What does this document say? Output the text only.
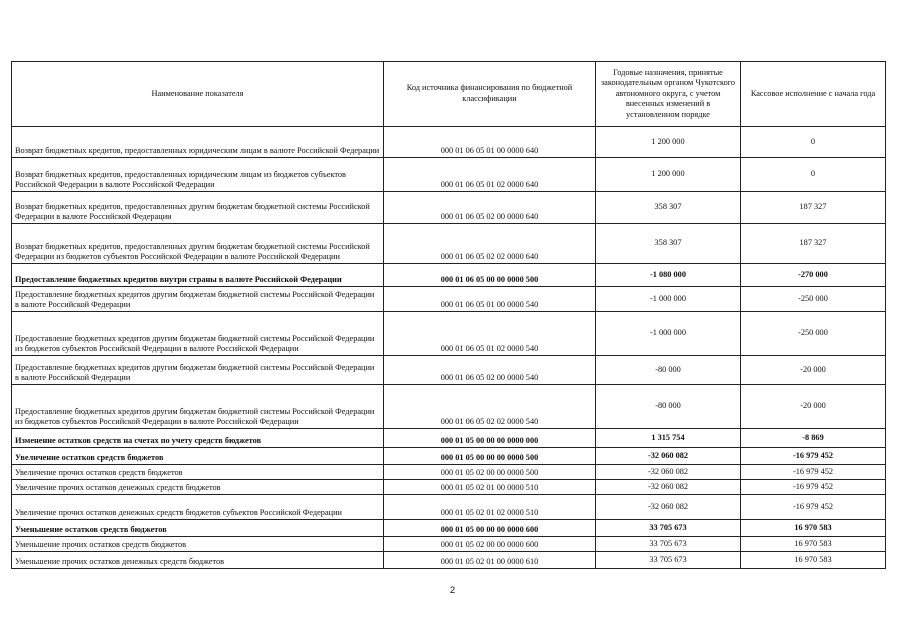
Наименование показателя	Код источника финансирования по бюджетной классификации	Годовые назначения, принятые законодательным органом Чукотского автономного округа, с учетом внесенных изменений в установленном порядке	Кассовое исполнение с начала года
Возврат бюджетных кредитов, предоставленных юридическим лицам в валюте Российской Федерации	000 01 06 05 01 00 0000 640	1 200 000	0
Возврат бюджетных кредитов, предоставленных юридическим лицам из бюджетов субъектов Российской Федерации в валюте Российской Федерации	000 01 06 05 01 02 0000 640	1 200 000	0
Возврат бюджетных кредитов, предоставленных другим бюджетам бюджетной системы Российской Федерации в валюте Российской Федерации	000 01 06 05 02 00 0000 640	358 307	187 327
Возврат бюджетных кредитов, предоставленных другим бюджетам бюджетной системы Российской Федерации из бюджетов субъектов Российской Федерации в валюте Российской Федерации	000 01 06 05 02 02 0000 640	358 307	187 327
Предоставление бюджетных кредитов внутри страны в валюте Российской Федерации	000 01 06 05 00 00 0000 500	-1 080 000	-270 000
Предоставление бюджетных кредитов другим бюджетам бюджетной системы Российской Федерации в валюте Российской Федерации	000 01 06 05 01 00 0000 540	-1 000 000	-250 000
Предоставление бюджетных кредитов другим бюджетам бюджетной системы Российской Федерации из бюджетов субъектов Российской Федерации в валюте Российской Федерации	000 01 06 05 01 02 0000 540	-1 000 000	-250 000
Предоставление бюджетных кредитов другим бюджетам бюджетной системы Российской Федерации в валюте Российской Федерации	000 01 06 05 02 00 0000 540	-80 000	-20 000
Предоставление бюджетных кредитов другим бюджетам бюджетной системы Российской Федерации из бюджетов субъектов Российской Федерации в валюте Российской Федерации	000 01 06 05 02 02 0000 540	-80 000	-20 000
Изменение остатков средств на счетах по учету средств бюджетов	000 01 05 00 00 00 0000 000	1 315 754	-8 869
Увеличение остатков средств бюджетов	000 01 05 00 00 00 0000 500	-32 060 082	-16 979 452
Увеличение прочих остатков средств бюджетов	000 01 05 02 00 00 0000 500	-32 060 082	-16 979 452
Увеличение прочих остатков денежных средств бюджетов	000 01 05 02 01 00 0000 510	-32 060 082	-16 979 452
Увеличение прочих остатков денежных средств бюджетов субъектов Российской Федерации	000 01 05 02 01 02 0000 510	-32 060 082	-16 979 452
Уменьшение остатков средств бюджетов	000 01 05 00 00 00 0000 600	33 705 673	16 970 583
Уменьшение прочих остатков средств бюджетов	000 01 05 02 00 00 0000 600	33 705 673	16 970 583
Уменьшение прочих остатков денежных средств бюджетов	000 01 05 02 01 00 0000 610	33 705 673	16 970 583
2
